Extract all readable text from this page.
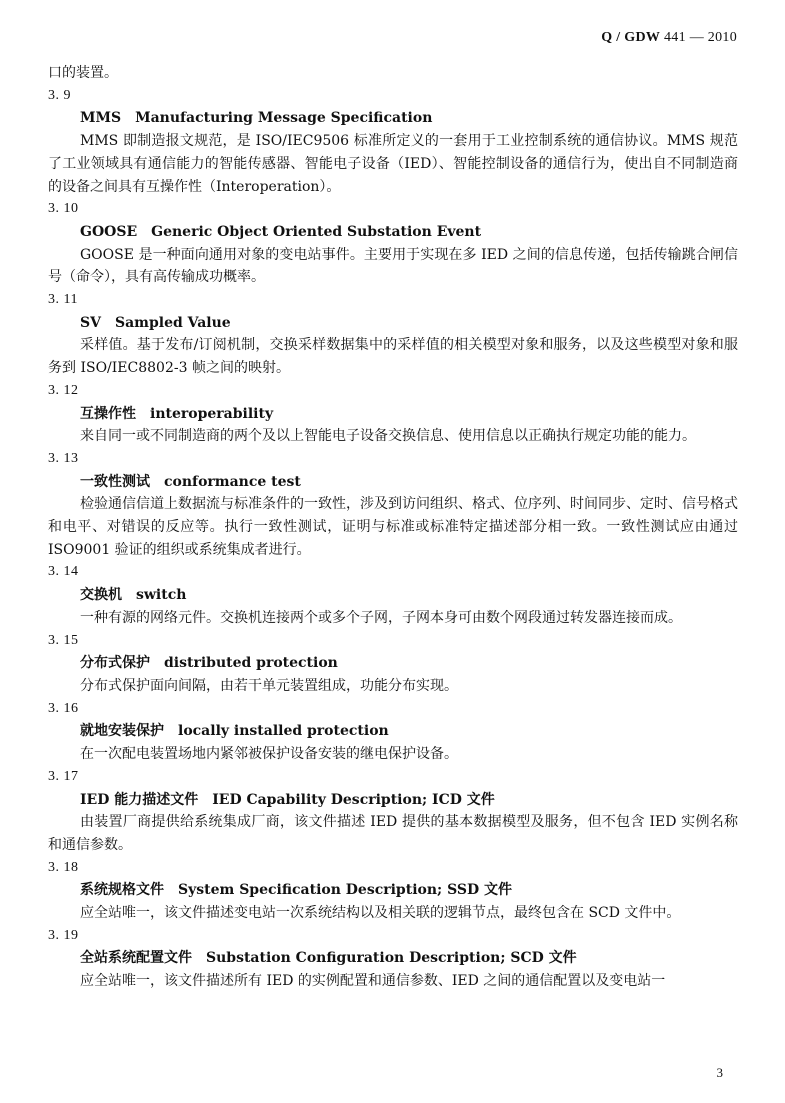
Q / GDW 441 — 2010

口的装置。

3. 9

MMS Manufacturing Message Specification

MMS 即制造报文规范，是 ISO/IEC9506 标准所定义的一套用于工业控制系统的通信协议。MMS 规范了工业领域具有通信能力的智能传感器、智能电子设备（IED）、智能控制设备的通信行为，使出自不同制造商的设备之间具有互操作性（Interoperation）。

3. 10

GOOSE Generic Object Oriented Substation Event

GOOSE 是一种面向通用对象的变电站事件。主要用于实现在多 IED 之间的信息传递，包括传输跳合闸信号（命令），具有高传输成功概率。

3. 11

SV Sampled Value

采样值。基于发布/订阅机制，交换采样数据集中的采样值的相关模型对象和服务，以及这些模型对象和服务到 ISO/IEC8802-3 帧之间的映射。

3. 12

互操作性 interoperability

来自同一或不同制造商的两个及以上智能电子设备交换信息、使用信息以正确执行规定功能的能力。

3. 13

一致性测试 conformance test

检验通信信道上数据流与标准条件的一致性，涉及到访问组织、格式、位序列、时间同步、定时、信号格式和电平、对错误的反应等。执行一致性测试，证明与标准或标准特定描述部分相一致。一致性测试应由通过 ISO9001 验证的组织或系统集成者进行。

3. 14

交换机 switch

一种有源的网络元件。交换机连接两个或多个子网，子网本身可由数个网段通过转发器连接而成。

3. 15

分布式保护 distributed protection

分布式保护面向间隔，由若干单元装置组成，功能分布实现。

3. 16

就地安装保护 locally installed protection

在一次配电装置场地内紧邻被保护设备安装的继电保护设备。

3. 17

IED 能力描述文件 IED Capability Description; ICD 文件

由装置厂商提供给系统集成厂商，该文件描述 IED 提供的基本数据模型及服务，但不包含 IED 实例名称和通信参数。

3. 18

系统规格文件 System Specification Description; SSD 文件

应全站唯一，该文件描述变电站一次系统结构以及相关联的逻辑节点，最终包含在 SCD 文件中。

3. 19

全站系统配置文件 Substation Configuration Description; SCD 文件

应全站唯一，该文件描述所有 IED 的实例配置和通信参数、IED 之间的通信配置以及变电站一

3
